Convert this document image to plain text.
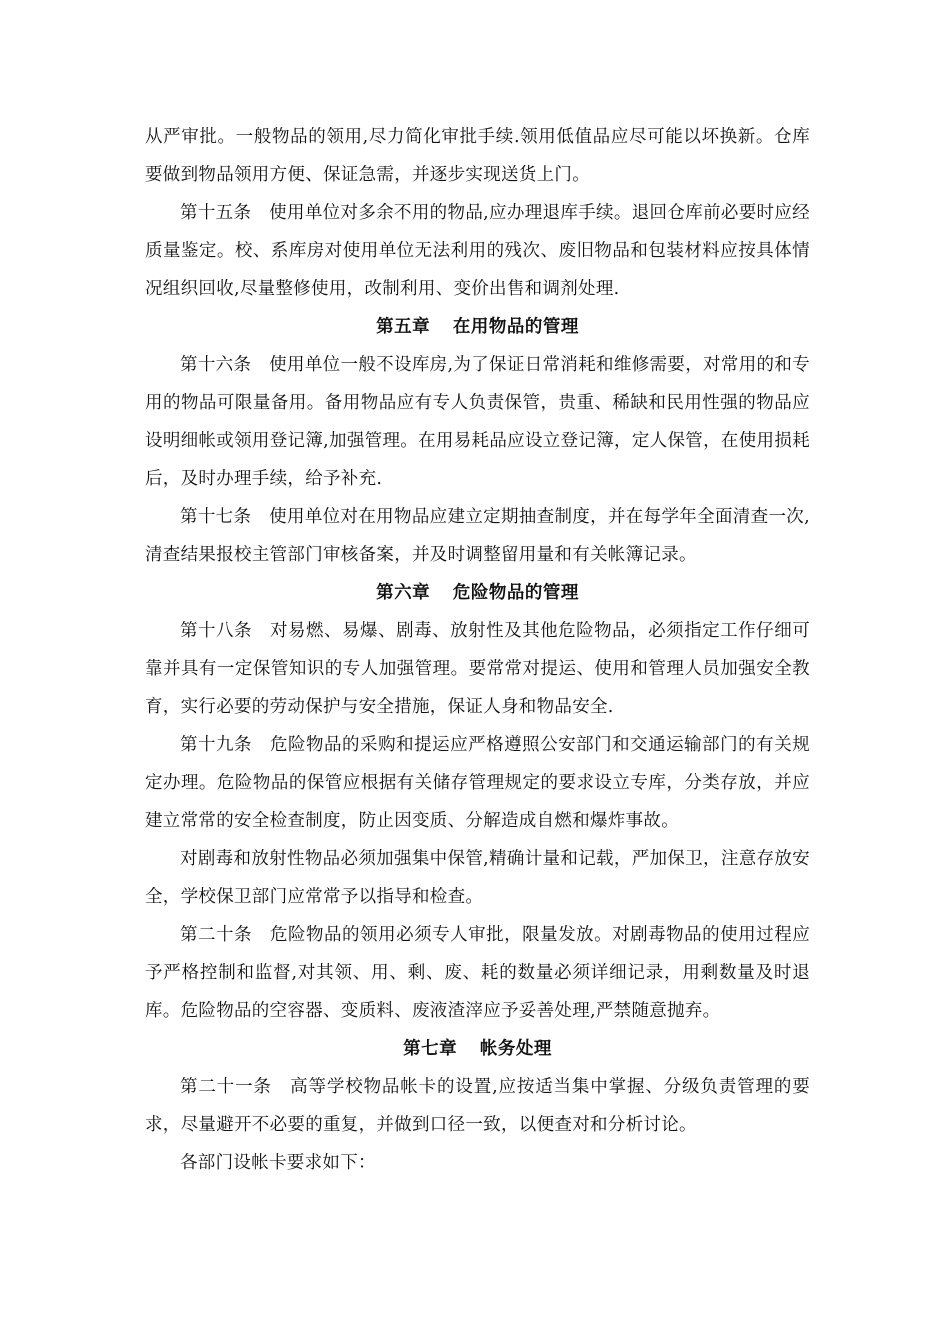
从严审批。一般物品的领用,尽力简化审批手续.领用低值品应尽可能以坏换新。仓库要做到物品领用方便、保证急需，并逐步实现送货上门。

第十五条　使用单位对多余不用的物品,应办理退库手续。退回仓库前必要时应经质量鉴定。校、系库房对使用单位无法利用的残次、废旧物品和包装材料应按具体情况组织回收,尽量整修使用，改制利用、变价出售和调剂处理.

第五章 在用物品的管理

第十六条　使用单位一般不设库房,为了保证日常消耗和维修需要，对常用的和专用的物品可限量备用。备用物品应有专人负责保管，贵重、稀缺和民用性强的物品应设明细帐或领用登记簿,加强管理。在用易耗品应设立登记簿，定人保管，在使用损耗后，及时办理手续，给予补充.

第十七条　使用单位对在用物品应建立定期抽查制度，并在每学年全面清查一次,清查结果报校主管部门审核备案，并及时调整留用量和有关帐簿记录。

第六章 危险物品的管理

第十八条　对易燃、易爆、剧毒、放射性及其他危险物品，必须指定工作仔细可靠并具有一定保管知识的专人加强管理。要常常对提运、使用和管理人员加强安全教育，实行必要的劳动保护与安全措施，保证人身和物品安全.

第十九条　危险物品的采购和提运应严格遵照公安部门和交通运输部门的有关规定办理。危险物品的保管应根据有关储存管理规定的要求设立专库，分类存放，并应建立常常的安全检查制度，防止因变质、分解造成自燃和爆炸事故。

对剧毒和放射性物品必须加强集中保管,精确计量和记载，严加保卫，注意存放安全，学校保卫部门应常常予以指导和检查。

第二十条　危险物品的领用必须专人审批，限量发放。对剧毒物品的使用过程应予严格控制和监督,对其领、用、剩、废、耗的数量必须详细记录，用剩数量及时退库。危险物品的空容器、变质料、废液渣滓应予妥善处理,严禁随意抛弃。

第七章 帐务处理

第二十一条　高等学校物品帐卡的设置,应按适当集中掌握、分级负责管理的要求，尽量避开不必要的重复，并做到口径一致，以便查对和分析讨论。

各部门设帐卡要求如下：
